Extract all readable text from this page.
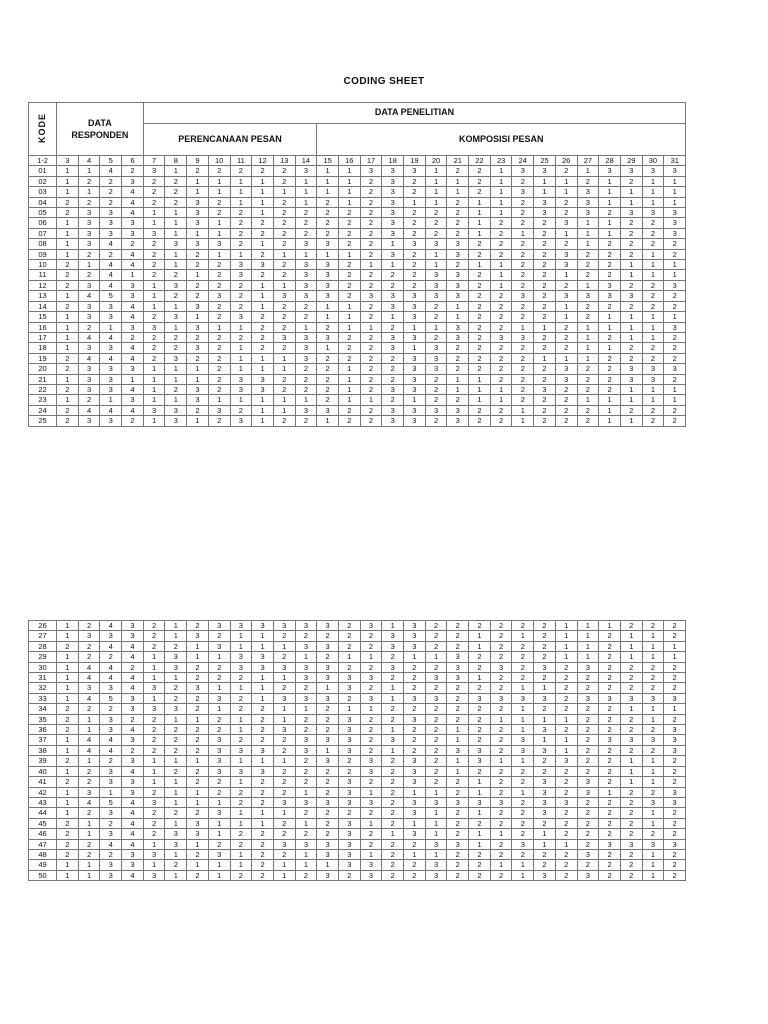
CODING SHEET
KODE	DATA RESPONDEN				DATA PENELITIAN																								
					PERENCANAAN PESAN								KOMPOSISI PESAN																
1-2	3	4	5	6	7	8	9	10	11	12	13	14	15	16	17	18	19	20	21	22	23	24	25	26	27	28	29	30	31
01	1	1	4	2	3	1	2	2	2	2	2	3	1	1	3	3	3	1	2	2	1	3	3	2	1	3	3	3	3
02	1	2	2	3	2	2	1	1	1	1	2	1	1	1	2	3	2	1	1	2	1	2	1	1	2	1	2	1	1
03	1	1	2	4	2	2	1	1	1	1	1	1	1	1	2	3	2	1	1	2	1	3	1	1	3	1	1	1	1
04	2	2	2	4	2	2	3	2	1	1	2	1	2	1	2	3	1	1	2	1	1	2	3	2	3	1	1	1	1
05	2	3	3	4	1	1	3	2	2	1	2	2	2	2	2	3	2	2	2	1	1	2	3	2	3	2	3	3	3
06	1	3	3	3	1	1	3	1	2	2	2	2	2	2	2	3	2	2	2	1	2	2	2	3	1	1	2	2	3
07	1	3	3	3	3	1	1	1	2	2	2	2	2	2	2	3	2	2	2	1	2	1	2	1	1	1	2	2	3
08	1	3	4	2	2	3	3	3	2	1	2	3	3	2	2	1	3	3	3	2	2	2	2	2	1	2	2	2	2
09	1	2	2	4	2	1	2	1	1	2	1	1	1	1	2	3	2	1	3	2	2	2	2	3	2	2	2	1	2
10	2	1	4	4	2	1	2	2	3	3	2	3	3	2	1	1	2	1	2	1	1	2	2	3	2	2	1	1	1
11	2	2	4	1	2	2	1	2	3	2	2	3	3	2	2	2	2	3	3	2	1	2	2	1	2	2	1	1	1
12	2	3	4	3	1	3	2	2	2	1	1	3	3	2	2	2	2	3	3	2	1	2	2	2	1	3	2	2	3
13	1	4	5	3	1	2	2	3	2	1	3	3	3	2	3	3	3	3	3	2	2	3	2	3	3	3	3	2	2
14	2	3	3	4	1	1	3	2	2	1	2	2	1	1	2	3	3	2	1	2	2	2	2	1	2	2	2	2	2
15	1	3	3	4	2	3	1	2	3	2	2	2	1	1	2	1	3	2	1	2	2	2	2	1	2	1	1	1	1
16	1	2	1	3	3	1	3	1	1	2	2	1	2	1	1	2	1	1	3	2	2	1	1	2	1	1	1	1	3
17	1	4	4	2	2	2	2	2	2	2	3	3	3	2	2	3	3	2	3	2	3	3	2	2	1	2	1	1	2
18	1	3	3	4	2	2	3	2	1	2	2	3	1	2	2	3	1	3	2	2	2	2	2	2	1	1	2	2	2
19	2	4	4	4	2	3	2	2	1	1	1	3	2	2	2	2	3	3	2	2	2	2	1	1	1	2	2	2	2
20	2	3	3	3	1	1	1	2	1	1	1	2	2	1	2	2	3	3	2	2	2	2	2	3	2	2	3	3	3
21	1	3	3	1	1	1	1	2	3	3	2	2	2	1	2	2	3	2	1	1	2	2	2	3	2	2	3	3	2
22	2	3	3	4	1	2	3	2	3	3	2	2	2	1	2	3	3	2	1	1	1	2	3	2	2	2	1	1	1
23	1	2	1	3	1	1	3	1	1	1	1	1	2	1	1	2	1	2	2	1	1	2	2	2	1	1	1	1	1
24	2	4	4	4	3	3	2	3	2	1	1	3	3	2	2	3	3	3	3	2	2	1	2	2	2	1	2	2	2
25	2	3	3	2	1	3	1	2	3	1	2	2	1	2	2	3	3	2	3	2	2	1	2	2	2	1	1	2	2
26	1	2	4	3	2	1	2	3	3	3	3	3	3	2	3	1	3	2	2	2	2	2	2	1	1	1	2	2	2
27	1	3	3	3	2	1	3	2	1	1	2	2	2	2	2	3	3	2	2	1	2	1	2	1	1	2	1	1	2
28	2	2	4	4	2	2	1	3	1	1	1	3	3	2	2	3	3	2	2	1	2	2	2	1	1	2	1	1	1
29	1	2	2	4	1	3	1	1	3	3	2	1	2	1	1	2	1	1	3	2	2	2	2	1	1	2	1	1	1
30	1	4	4	2	1	3	2	2	3	3	3	3	3	2	2	3	2	2	3	2	3	2	3	2	3	2	2	2	2
31	1	4	4	4	1	1	2	2	2	1	1	3	3	3	3	2	2	3	3	1	2	2	2	2	2	2	2	2	2
32	1	3	3	4	3	2	3	1	1	1	2	2	1	3	2	1	2	2	2	2	2	1	1	2	2	2	2	2	2
33	1	4	5	3	1	2	2	3	2	1	3	3	3	2	3	1	3	3	2	3	3	3	3	2	3	3	3	3	3
34	2	2	2	3	3	3	2	1	2	2	1	1	2	1	1	2	2	2	2	2	2	1	2	2	2	2	1	1	1
35	2	1	3	2	2	1	1	2	1	2	1	2	2	3	2	2	3	2	2	2	1	1	1	1	2	2	2	1	2
36	2	1	3	4	2	2	2	2	1	2	3	2	2	3	2	1	2	2	1	2	2	1	3	2	2	2	2	2	3
37	1	4	4	3	2	2	2	3	2	2	2	3	3	3	2	3	2	2	1	2	2	3	1	1	2	3	3	3	3
38	1	4	4	2	2	2	2	3	3	3	2	3	1	3	2	1	2	2	3	3	2	3	3	1	2	2	2	2	3
39	2	1	2	3	1	1	1	3	1	1	1	2	3	2	3	2	3	2	1	3	1	1	2	3	2	2	1	1	2
40	1	2	3	4	1	2	2	3	3	3	2	2	2	2	3	2	3	2	1	2	2	2	2	2	2	2	1	1	2
41	2	2	3	3	1	1	2	2	1	2	2	2	2	3	2	2	3	2	2	1	2	2	3	2	3	2	1	1	2
42	1	3	1	3	2	1	1	2	2	2	2	1	2	3	1	2	1	1	2	1	2	1	3	2	3	1	2	2	3
43	1	4	5	4	3	1	1	1	2	2	3	3	3	3	3	2	3	3	3	3	3	2	3	3	2	2	2	3	3
44	1	2	3	4	2	2	2	3	1	1	1	2	2	2	2	2	3	1	2	1	2	2	3	2	2	2	2	1	2
45	2	1	2	4	2	1	3	1	1	1	2	1	2	3	1	2	1	1	2	2	2	2	2	2	2	2	2	1	2
46	2	1	3	4	2	3	3	1	2	2	2	2	2	3	2	1	3	1	2	1	1	2	1	2	2	2	2	2	2
47	2	2	4	4	1	3	1	2	2	2	3	3	3	3	2	2	2	3	3	1	2	3	1	1	2	3	3	3	3
48	2	2	2	3	3	1	2	3	1	2	2	1	3	3	1	2	1	1	2	2	2	2	2	2	3	2	2	1	2
49	1	1	3	3	1	2	1	1	1	2	1	1	1	3	3	2	2	3	2	2	1	1	2	2	2	2	2	1	2
50	1	1	3	4	3	1	2	1	2	2	1	2	3	2	3	2	2	3	2	2	2	1	3	2	3	2	2	1	2
